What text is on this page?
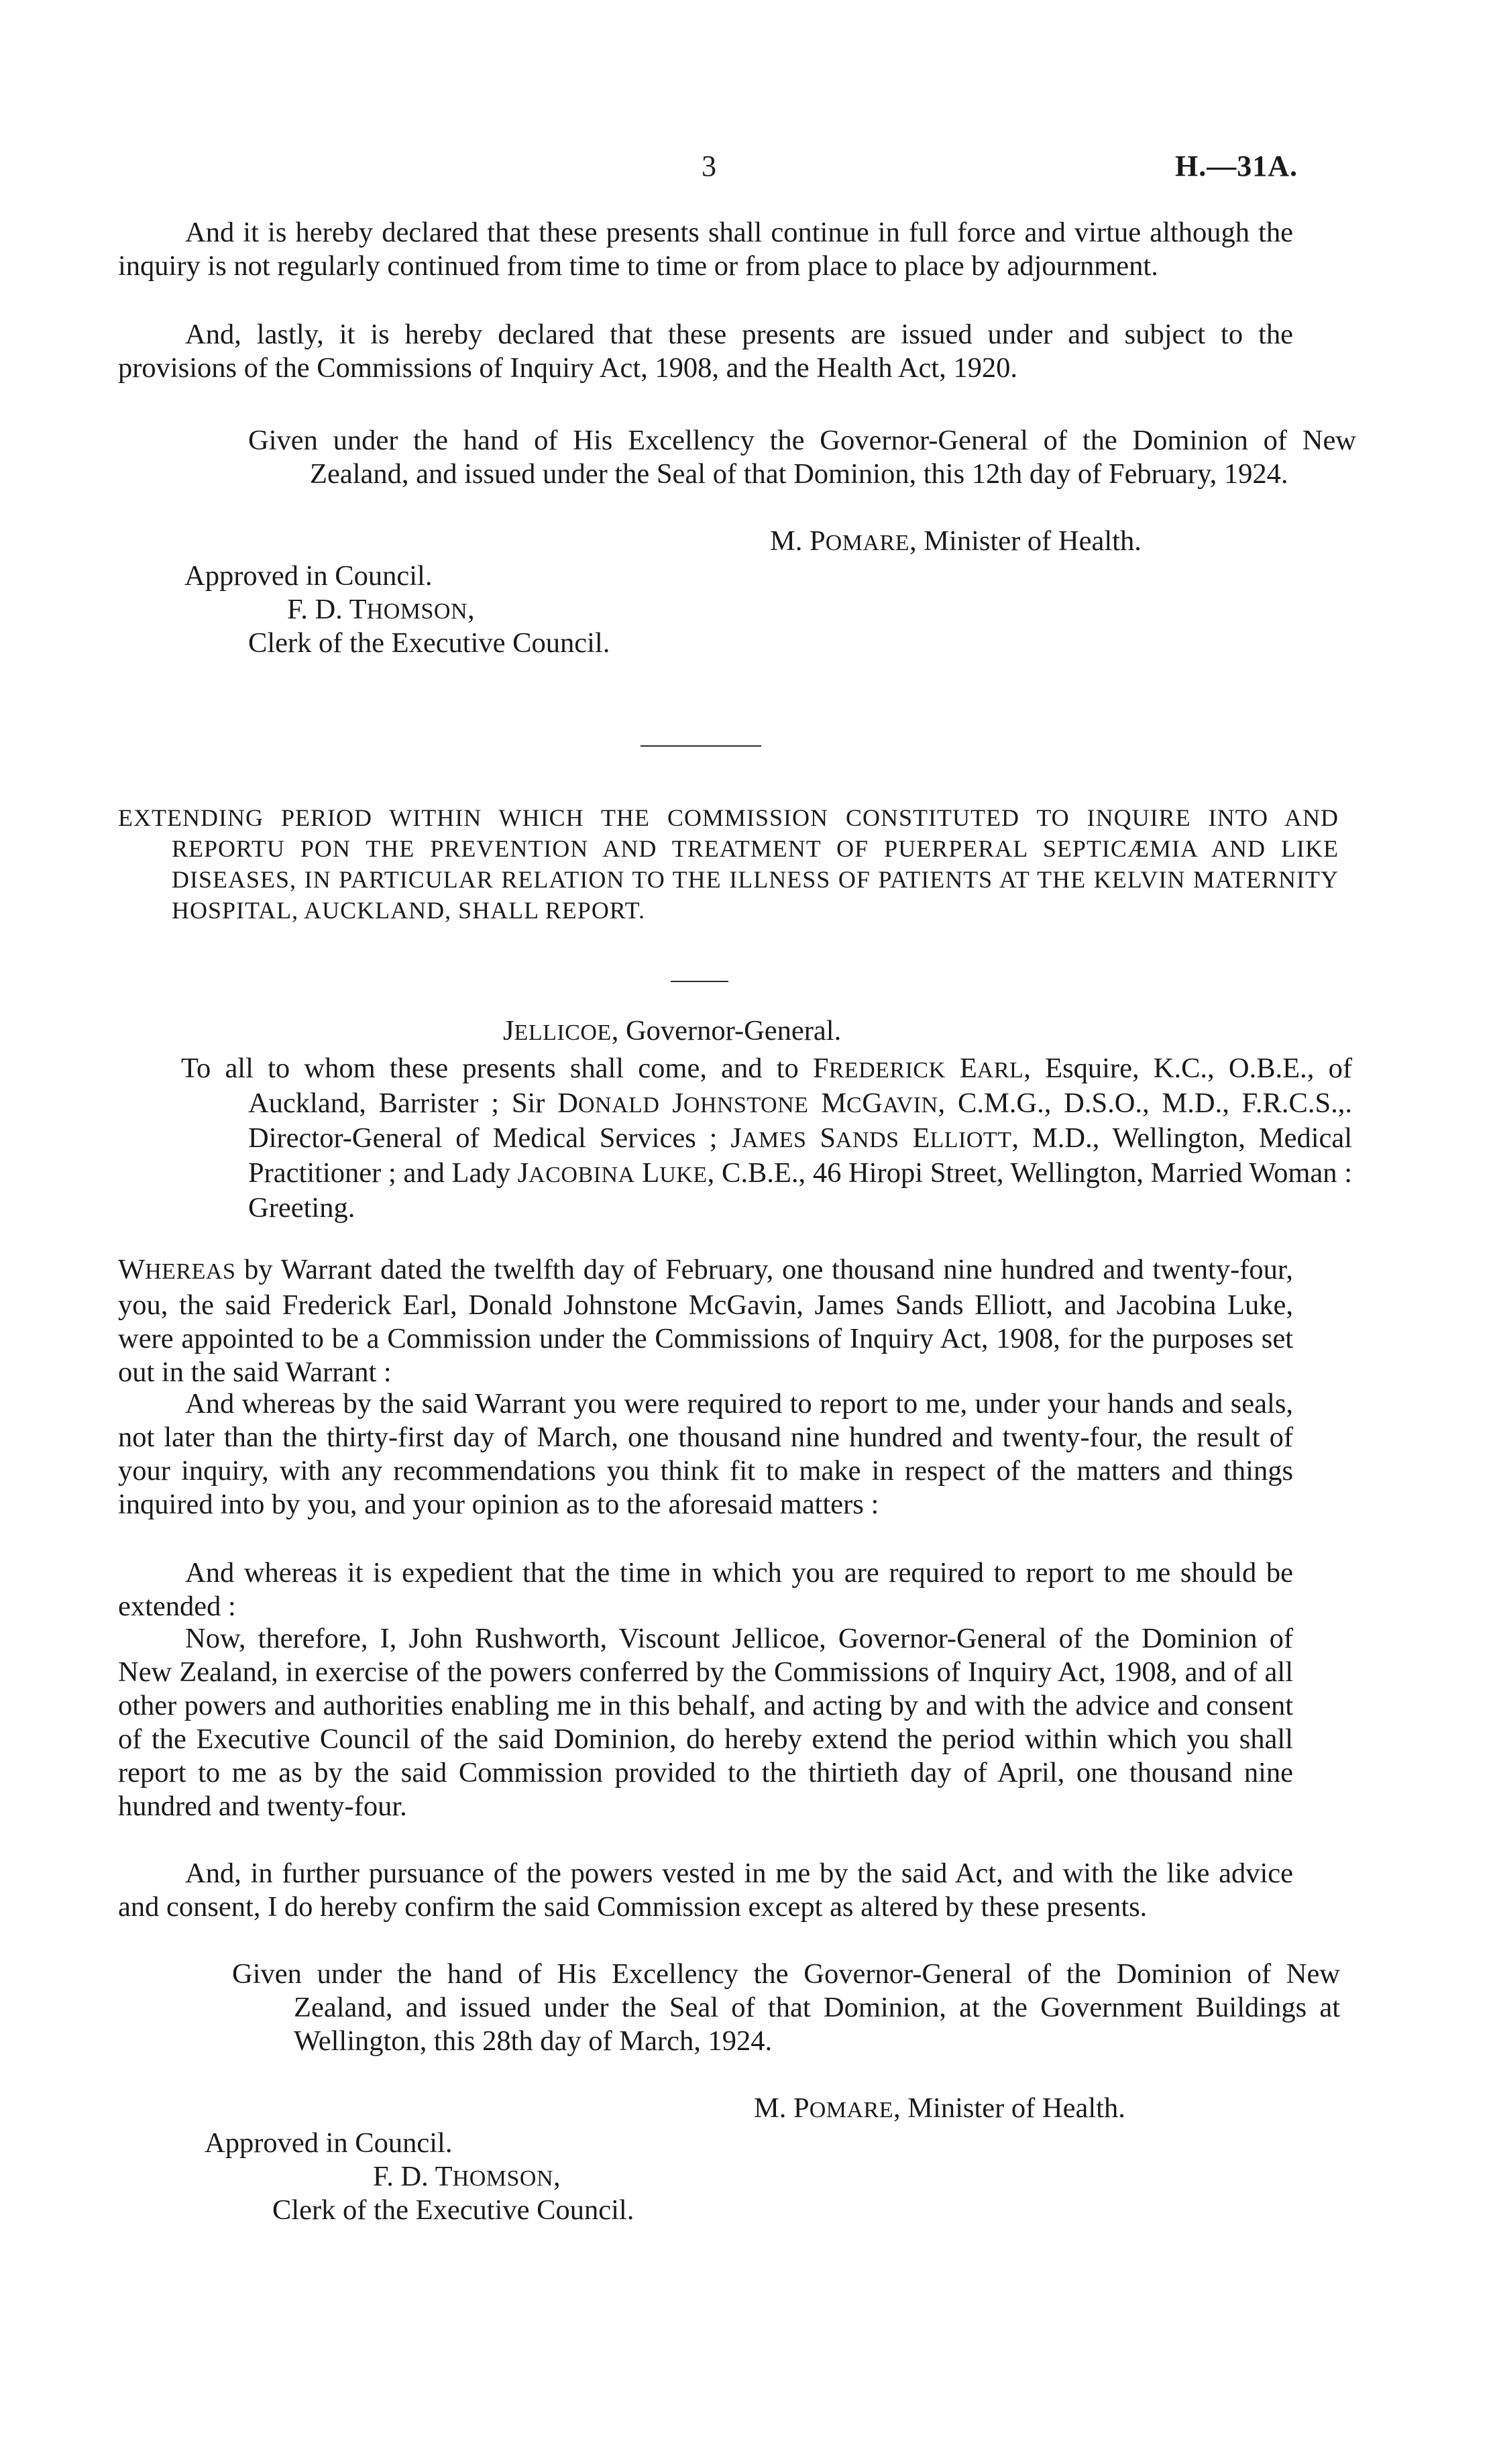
3	H.—31A.

And it is hereby declared that these presents shall continue in full force and virtue although the inquiry is not regularly continued from time to time or from place to place by adjournment.

And, lastly, it is hereby declared that these presents are issued under and subject to the provisions of the Commissions of Inquiry Act, 1908, and the Health Act, 1920.

Given under the hand of His Excellency the Governor-General of the Dominion of New Zealand, and issued under the Seal of that Dominion, this 12th day of February, 1924.

M. POMARE, Minister of Health.

Approved in Council.

F. D. THOMSON,

Clerk of the Executive Council.

EXTENDING PERIOD WITHIN WHICH THE COMMISSION CONSTITUTED TO INQUIRE INTO AND REPORTU PON THE PREVENTION AND TREATMENT OF PUERPERAL SEPTICÆMIA AND LIKE DISEASES, IN PARTICULAR RELATION TO THE ILLNESS OF PATIENTS AT THE KELVIN MATERNITY HOSPITAL, AUCKLAND, SHALL REPORT.

JELLICOE, Governor-General.

To all to whom these presents shall come, and to FREDERICK EARL, Esquire, K.C., O.B.E., of Auckland, Barrister ; Sir DONALD JOHNSTONE MCGAVIN, C.M.G., D.S.O., M.D., F.R.C.S.,. Director-General of Medical Services ; JAMES SANDS ELLIOTT, M.D., Wellington, Medical Practitioner ; and Lady JACOBINA LUKE, C.B.E., 46 Hiropi Street, Wellington, Married Woman : Greeting.

WHEREAS by Warrant dated the twelfth day of February, one thousand nine hundred and twenty-four, you, the said Frederick Earl, Donald Johnstone McGavin, James Sands Elliott, and Jacobina Luke, were appointed to be a Commission under the Commissions of Inquiry Act, 1908, for the purposes set out in the said Warrant :

And whereas by the said Warrant you were required to report to me, under your hands and seals, not later than the thirty-first day of March, one thousand nine hundred and twenty-four, the result of your inquiry, with any recommendations you think fit to make in respect of the matters and things inquired into by you, and your opinion as to the aforesaid matters :

And whereas it is expedient that the time in which you are required to report to me should be extended :

Now, therefore, I, John Rushworth, Viscount Jellicoe, Governor-General of the Dominion of New Zealand, in exercise of the powers conferred by the Commissions of Inquiry Act, 1908, and of all other powers and authorities enabling me in this behalf, and acting by and with the advice and consent of the Executive Council of the said Dominion, do hereby extend the period within which you shall report to me as by the said Commission provided to the thirtieth day of April, one thousand nine hundred and twenty-four.

And, in further pursuance of the powers vested in me by the said Act, and with the like advice and consent, I do hereby confirm the said Commission except as altered by these presents.

Given under the hand of His Excellency the Governor-General of the Dominion of New Zealand, and issued under the Seal of that Dominion, at the Government Buildings at Wellington, this 28th day of March, 1924.

M. POMARE, Minister of Health.

Approved in Council.

F. D. THOMSON,

Clerk of the Executive Council.
